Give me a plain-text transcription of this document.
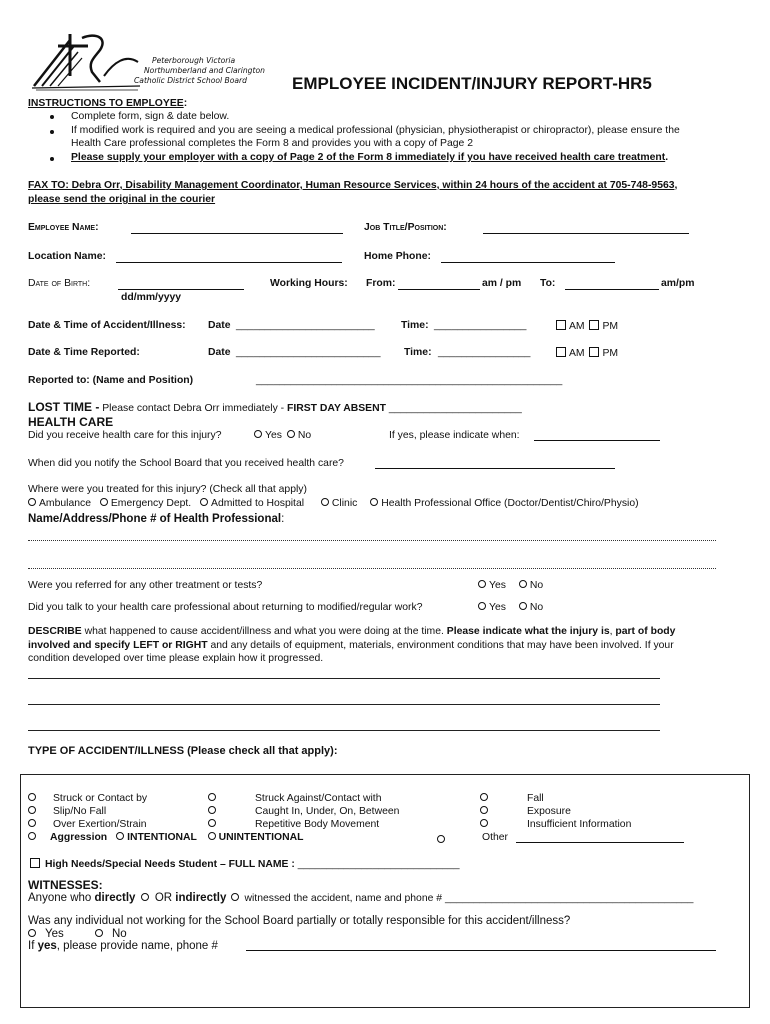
Peterborough Victoria
Northumberland and Clarington
Catholic District School Board	EMPLOYEE INCIDENT/INJURY REPORT-HR5
INSTRUCTIONS TO EMPLOYEE:
Complete form, sign & date below.
If modified work is required and you are seeing a medical professional (physician, physiotherapist or chiropractor), please ensure the
Health Care professional completes the Form 8 and provides you with a copy of Page 2
Please supply your employer with a copy of Page 2 of the Form 8 immediately if you have received health care treatment.
FAX TO: Debra Orr, Disability Management Coordinator, Human Resource Services, within 24 hours of the accident at 705-748-9563,
please send the original in the courier
Employee Name:	Job Title/Position:
Location Name:	Home Phone:
Date of Birth:
dd/mm/yyyy
Working Hours: From:	am / pm To:	am/pm
Date & Time of Accident/Illness: Date ________________________	Time: ________________	AM PM
Date & Time Reported:	Date _________________________ Time: ________________	AM PM
Reported to: (Name and Position)	_____________________________________________________
LOST TIME - Please contact Debra Orr immediately - FIRST DAY ABSENT _______________________
HEALTH CARE
Did you receive health care for this injury?	Yes No	If yes, please indicate when:
When did you notify the School Board that you received health care?
Where were you treated for this injury? (Check all that apply)
Ambulance Emergency Dept. Admitted to Hospital	Clinic Health Professional Office (Doctor/Dentist/Chiro/Physio)
Name/Address/Phone # of Health Professional:
Were you referred for any other treatment or tests?	Yes No
Did you talk to your health care professional about returning to modified/regular work?	Yes No
DESCRIBE what happened to cause accident/illness and what you were doing at the time. Please indicate what the injury is, part of body
involved and specify LEFT or RIGHT and any details of equipment, materials, environment conditions that may have been involved. If your
condition developed over time please explain how it progressed.
TYPE OF ACCIDENT/ILLNESS (Please check all that apply):
Struck or Contact by
Slip/No Fall
Over Exertion/Strain
Struck Against/Contact with
Caught In, Under, On, Between
Repetitive Body Movement
Fall
Exposure
Insufficient Information
Aggression INTENTIONAL UNINTENTIONAL	Other
High Needs/Special Needs Student – FULL NAME : ____________________________
WITNESSES:
Anyone who directly  OR indirectly  witnessed the accident, name and phone # ___________________________________________
Was any individual not working for the School Board partially or totally responsible for this accident/illness?
Yes	No
If yes, please provide name, phone #
